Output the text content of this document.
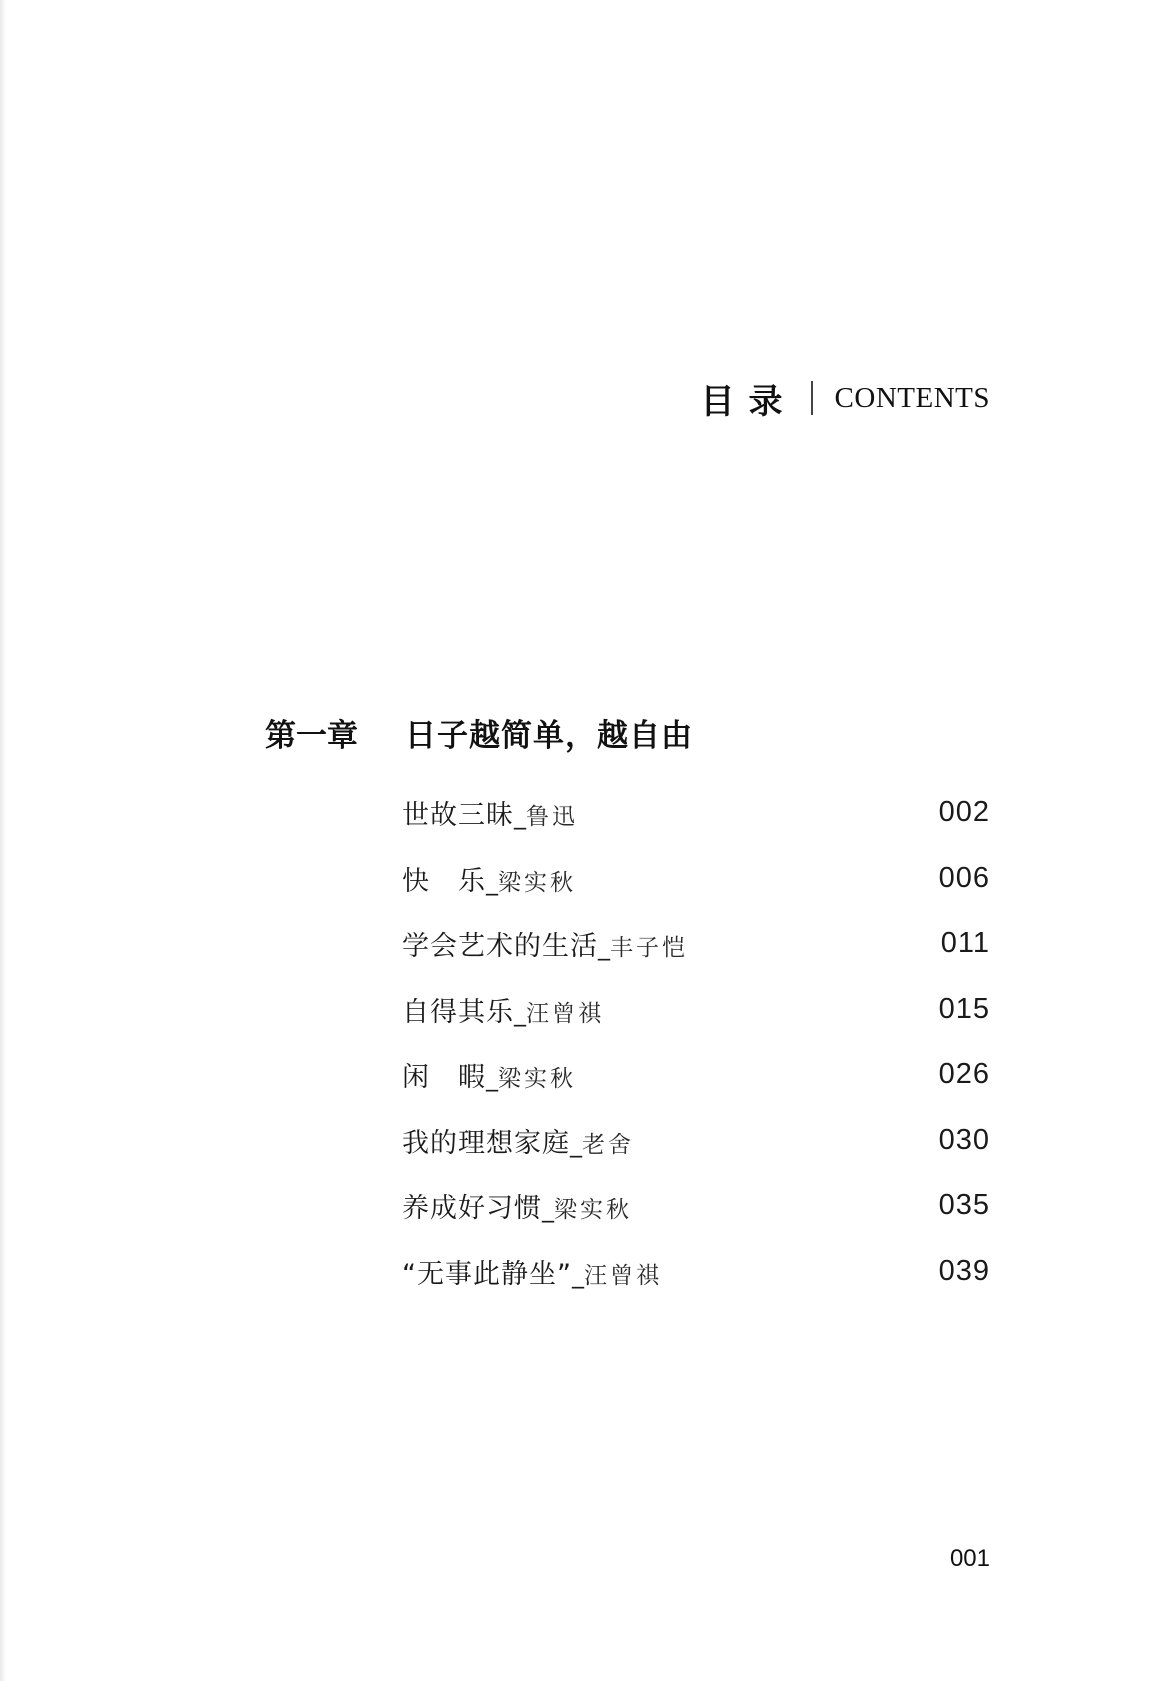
目录 CONTENTS
第一章	日子越简单，越自由
世故三昧 _ 鲁迅	002
快　乐 _ 梁实秋	006
学会艺术的生活 _ 丰子恺	011
自得其乐 _ 汪曾祺	015
闲　暇 _ 梁实秋	026
我的理想家庭 _ 老舍	030
养成好习惯 _ 梁实秋	035
“无事此静坐” _ 汪曾祺	039
001
